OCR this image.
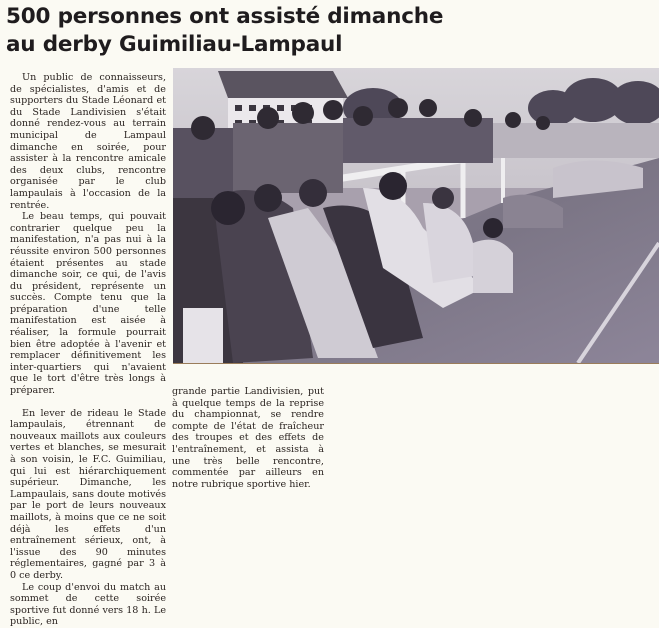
500 personnes ont assisté dimanche
au derby Guimiliau-Lampaul

Un public de connaisseurs, de spécialistes, d'amis et de supporters du Stade Léonard et du Stade Landivisien s'était donné rendez-vous au terrain municipal de Lampaul dimanche en soirée, pour assister à la rencontre amicale des deux clubs, rencontre organisée par le club lampaulais à l'occasion de la rentrée.

Le beau temps, qui pouvait contrarier quelque peu la manifestation, n'a pas nui à la réussite environ 500 personnes étaient présentes au stade dimanche soir, ce qui, de l'avis du président, représente un succès. Compte tenu que la préparation d'une telle manifestation est aisée à réaliser, la formule pourrait bien être adoptée à l'avenir et remplacer définitivement les inter-quartiers qui n'avaient que le tort d'être très longs à préparer.

En lever de rideau le Stade lampaulais, étrennant de nouveaux maillots aux couleurs vertes et blanches, se mesurait à son voisin, le F.C. Guimiliau, qui lui est hiérarchiquement supérieur. Dimanche, les Lampaulais, sans doute motivés par le port de leurs nouveaux maillots, à moins que ce ne soit déjà les effets d'un entraînement sérieux, ont, à l'issue des 90 minutes réglementaires, gagné par 3 à 0 ce derby.

Le coup d'envoi du match au sommet de cette soirée sportive fut donné vers 18 h. Le public, en

grande partie Landivisien, put à quelque temps de la reprise du championnat, se rendre compte de l'état de fraîcheur des troupes et des effets de l'entraînement, et assista à une très belle rencontre, commentée par ailleurs en notre rubrique sportive hier.
